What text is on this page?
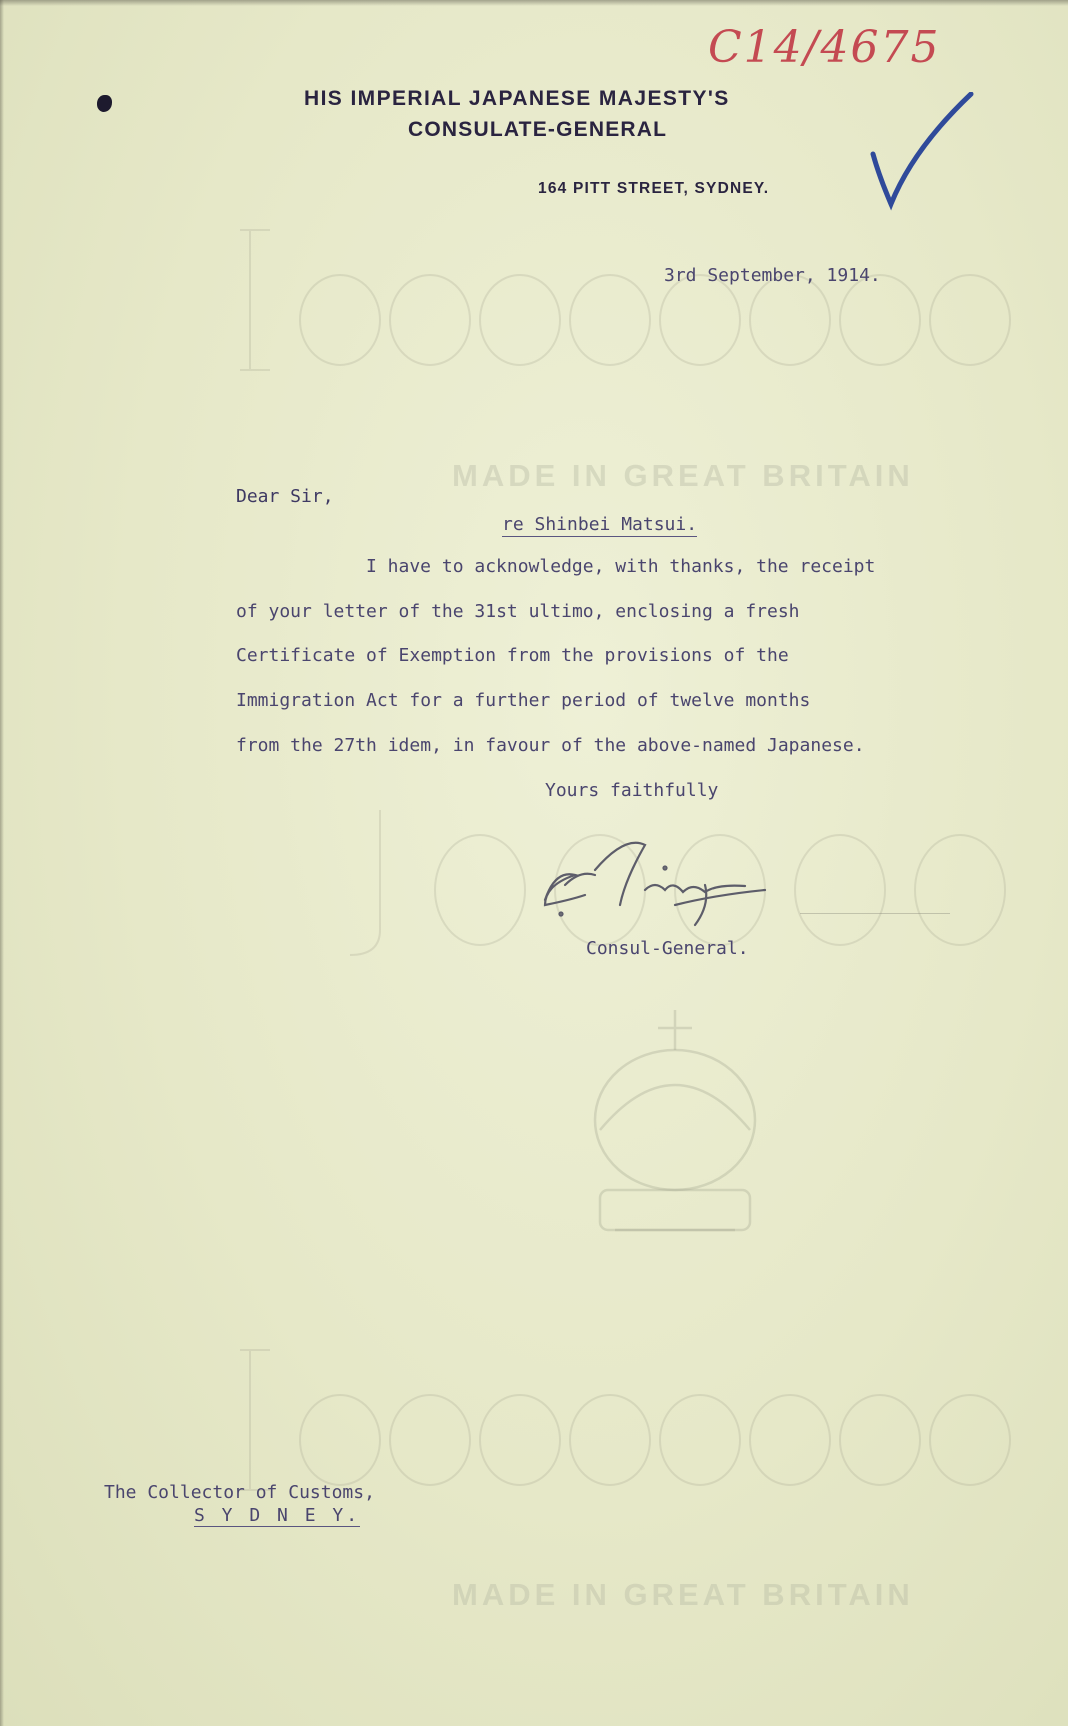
MADE IN GREAT BRITAIN
MADE IN GREAT BRITAIN
C14/4675
HIS IMPERIAL JAPANESE MAJESTY'S
CONSULATE-GENERAL
164 PITT STREET, SYDNEY.
3rd September, 1914.
Dear Sir,
re Shinbei Matsui.
I have to acknowledge, with thanks, the receipt
of your letter of the 31st ultimo, enclosing a fresh
Certificate of Exemption from the provisions of the
Immigration Act for a further period of twelve months
from the 27th idem, in favour of the above-named Japanese.
Yours faithfully
Consul-General.
The Collector of Customs,
S Y D N E Y.
